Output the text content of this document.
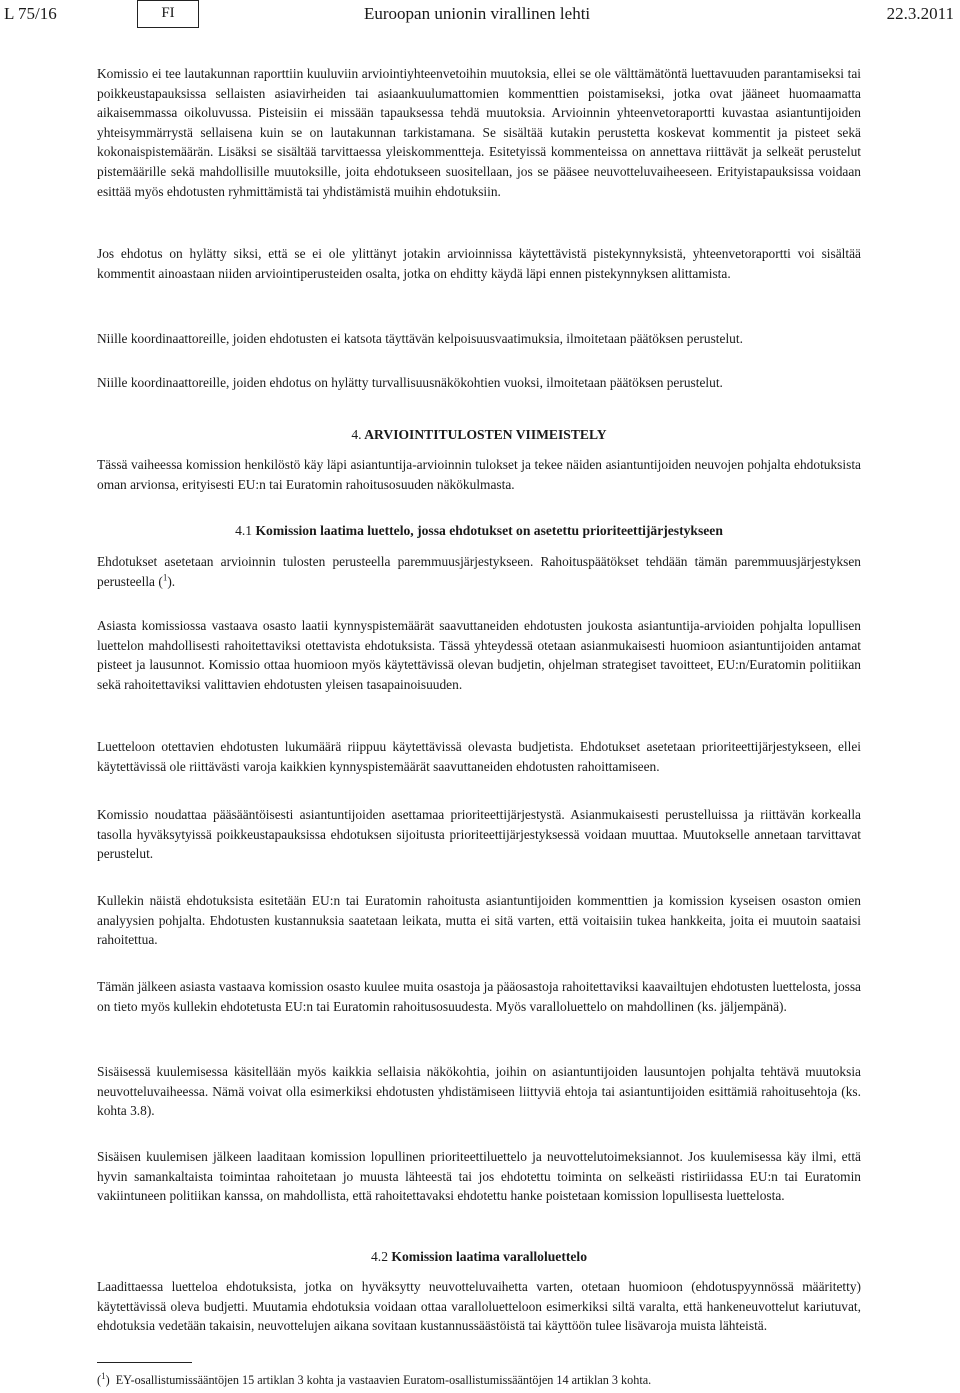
L 75/16	FI	Euroopan unionin virallinen lehti	22.3.2011

Komissio ei tee lautakunnan raporttiin kuuluviin arviointiyhteenvetoihin muutoksia, ellei se ole välttämätöntä luettavuuden parantamiseksi tai poikkeustapauksissa sellaisten asiavirheiden tai asiaankuulumattomien kommenttien poistamiseksi, jotka ovat jääneet huomaamatta aikaisemmassa oikoluvussa. Pisteisiin ei missään tapauksessa tehdä muutoksia. Arvioinnin yhteenvetoraportti kuvastaa asiantuntijoiden yhteisymmärrystä sellaisena kuin se on lautakunnan tarkistamana. Se sisältää kutakin perustetta koskevat kommentit ja pisteet sekä kokonaispistemäärän. Lisäksi se sisältää tarvittaessa yleiskommentteja. Esitetyissä kommenteissa on annettava riittävät ja selkeät perustelut pistemäärille sekä mahdollisille muutoksille, joita ehdotukseen suositellaan, jos se pääsee neuvotteluvaiheeseen. Erityistapauksissa voidaan esittää myös ehdotusten ryhmittämistä tai yhdistämistä muihin ehdotuksiin.

Jos ehdotus on hylätty siksi, että se ei ole ylittänyt jotakin arvioinnissa käytettävistä pistekynnyksistä, yhteenvetoraportti voi sisältää kommentit ainoastaan niiden arviointiperusteiden osalta, jotka on ehditty käydä läpi ennen pistekynnyksen alittamista.

Niille koordinaattoreille, joiden ehdotusten ei katsota täyttävän kelpoisuusvaatimuksia, ilmoitetaan päätöksen perustelut.

Niille koordinaattoreille, joiden ehdotus on hylätty turvallisuusnäkökohtien vuoksi, ilmoitetaan päätöksen perustelut.

4. ARVIOINTITULOSTEN VIIMEISTELY

Tässä vaiheessa komission henkilöstö käy läpi asiantuntija-arvioinnin tulokset ja tekee näiden asiantuntijoiden neuvojen pohjalta ehdotuksista oman arvionsa, erityisesti EU:n tai Euratomin rahoitusosuuden näkökulmasta.

4.1 Komission laatima luettelo, jossa ehdotukset on asetettu prioriteettijärjestykseen

Ehdotukset asetetaan arvioinnin tulosten perusteella paremmuusjärjestykseen. Rahoituspäätökset tehdään tämän paremmuusjärjestyksen perusteella ($^1$).

Asiasta komissiossa vastaava osasto laatii kynnyspistemäärät saavuttaneiden ehdotusten joukosta asiantuntija-arvioiden pohjalta lopullisen luettelon mahdollisesti rahoitettaviksi otettavista ehdotuksista. Tässä yhteydessä otetaan asianmukaisesti huomioon asiantuntijoiden antamat pisteet ja lausunnot. Komissio ottaa huomioon myös käytettävissä olevan budjetin, ohjelman strategiset tavoitteet, EU:n/Euratomin politiikan sekä rahoitettaviksi valittavien ehdotusten yleisen tasapainoisuuden.

Luetteloon otettavien ehdotusten lukumäärä riippuu käytettävissä olevasta budjetista. Ehdotukset asetetaan prioriteettijärjestykseen, ellei käytettävissä ole riittävästi varoja kaikkien kynnyspistemäärät saavuttaneiden ehdotusten rahoittamiseen.

Komissio noudattaa pääsääntöisesti asiantuntijoiden asettamaa prioriteettijärjestystä. Asianmukaisesti perustelluissa ja riittävän korkealla tasolla hyväksytyissä poikkeustapauksissa ehdotuksen sijoitusta prioriteettijärjestyksessä voidaan muuttaa. Muutokselle annetaan tarvittavat perustelut.

Kullekin näistä ehdotuksista esitetään EU:n tai Euratomin rahoitusta asiantuntijoiden kommenttien ja komission kyseisen osaston omien analyysien pohjalta. Ehdotusten kustannuksia saatetaan leikata, mutta ei sitä varten, että voitaisiin tukea hankkeita, joita ei muutoin saataisi rahoitettua.

Tämän jälkeen asiasta vastaava komission osasto kuulee muita osastoja ja pääosastoja rahoitettaviksi kaavailtujen ehdotusten luettelosta, jossa on tieto myös kullekin ehdotetusta EU:n tai Euratomin rahoitusosuudesta. Myös varalloluettelo on mahdollinen (ks. jäljempänä).

Sisäisessä kuulemisessa käsitellään myös kaikkia sellaisia näkökohtia, joihin on asiantuntijoiden lausuntojen pohjalta tehtävä muutoksia neuvotteluvaiheessa. Nämä voivat olla esimerkiksi ehdotusten yhdistämiseen liittyviä ehtoja tai asiantuntijoiden esittämiä rahoitusehtoja (ks. kohta 3.8).

Sisäisen kuulemisen jälkeen laaditaan komission lopullinen prioriteettiluettelo ja neuvottelutoimeksiannot. Jos kuulemisessa käy ilmi, että hyvin samankaltaista toimintaa rahoitetaan jo muusta lähteestä tai jos ehdotettu toiminta on selkeästi ristiriidassa EU:n tai Euratomin vakiintuneen politiikan kanssa, on mahdollista, että rahoitettavaksi ehdotettu hanke poistetaan komission lopullisesta luettelosta.

4.2 Komission laatima varalloluettelo

Laadittaessa luetteloa ehdotuksista, jotka on hyväksytty neuvotteluvaihetta varten, otetaan huomioon (ehdotuspyynnössä määritetty) käytettävissä oleva budjetti. Muutamia ehdotuksia voidaan ottaa varalloluetteloon esimerkiksi siltä varalta, että hankeneuvottelut kariutuvat, ehdotuksia vedetään takaisin, neuvottelujen aikana sovitaan kustannussäästöistä tai käyttöön tulee lisävaroja muista lähteistä.

($^1$)  EY-osallistumissääntöjen 15 artiklan 3 kohta ja vastaavien Euratom-osallistumissääntöjen 14 artiklan 3 kohta.
